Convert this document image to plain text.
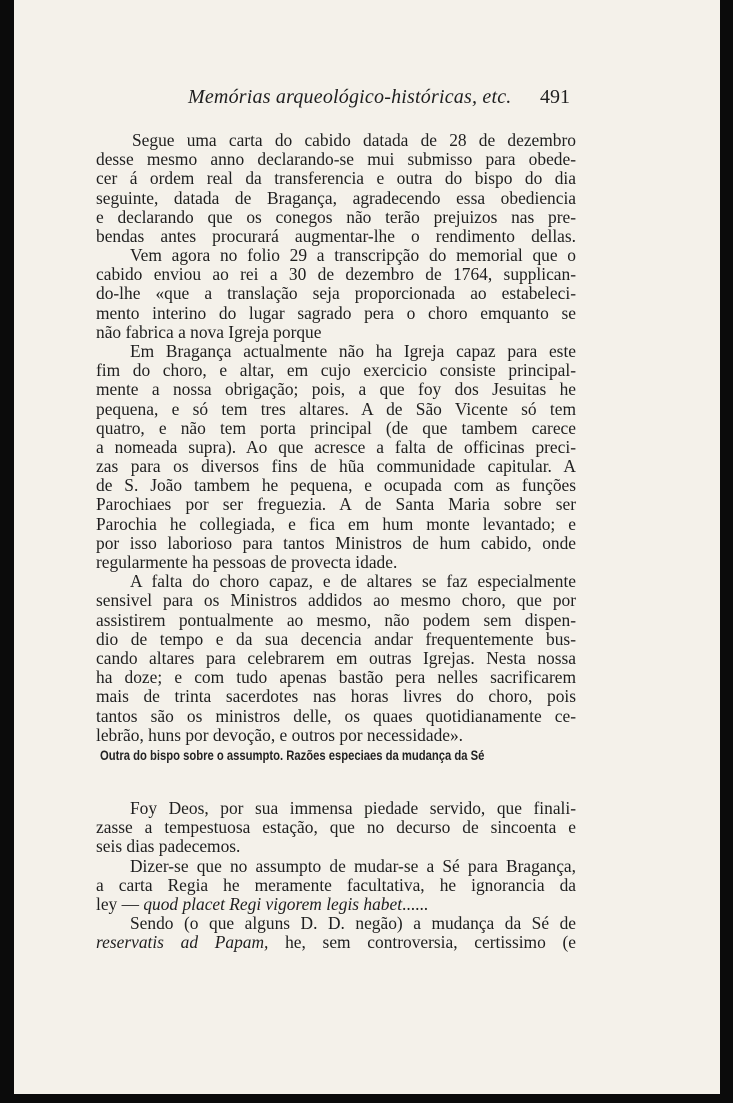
Memórias arqueológico-históricas, etc. 491
Segue uma carta do cabido datada de 28 de dezembro
desse mesmo anno declarando-se mui submisso para obede-
cer á ordem real da transferencia e outra do bispo do dia
seguinte, datada de Bragança, agradecendo essa obediencia
e declarando que os conegos não terão prejuizos nas pre-
bendas antes procurará augmentar-lhe o rendimento dellas.
Vem agora no folio 29 a transcripção do memorial que o
cabido enviou ao rei a 30 de dezembro de 1764, supplican-
do-lhe «que a translação seja proporcionada ao estabeleci-
mento interino do lugar sagrado pera o choro emquanto se
não fabrica a nova Igreja porque
Em Bragança actualmente não ha Igreja capaz para este
fim do choro, e altar, em cujo exercicio consiste principal-
mente a nossa obrigação; pois, a que foy dos Jesuitas he
pequena, e só tem tres altares. A de São Vicente só tem
quatro, e não tem porta principal (de que tambem carece
a nomeada supra). Ao que acresce a falta de officinas preci-
zas para os diversos fins de hũa communidade capitular. A
de S. João tambem he pequena, e ocupada com as funções
Parochiaes por ser freguezia. A de Santa Maria sobre ser
Parochia he collegiada, e fica em hum monte levantado; e
por isso laborioso para tantos Ministros de hum cabido, onde
regularmente ha pessoas de provecta idade.
A falta do choro capaz, e de altares se faz especialmente
sensivel para os Ministros addidos ao mesmo choro, que por
assistirem pontualmente ao mesmo, não podem sem dispen-
dio de tempo e da sua decencia andar frequentemente bus-
cando altares para celebrarem em outras Igrejas. Nesta nossa
ha doze; e com tudo apenas bastão pera nelles sacrificarem
mais de trinta sacerdotes nas horas livres do choro, pois
tantos são os ministros delle, os quaes quotidianamente ce-
lebrão, huns por devoção, e outros por necessidade».
Outra do bispo sobre o assumpto. Razões especiaes da mudança da Sé
Foy Deos, por sua immensa piedade servido, que finali-
zasse a tempestuosa estação, que no decurso de sincoenta e
seis dias padecemos.
Dizer-se que no assumpto de mudar-se a Sé para Bragança,
a carta Regia he meramente facultativa, he ignorancia da
ley — quod placet Regi vigorem legis habet......
Sendo (o que alguns D. D. negão) a mudança da Sé de
reservatis ad Papam, he, sem controversia, certissimo (e
